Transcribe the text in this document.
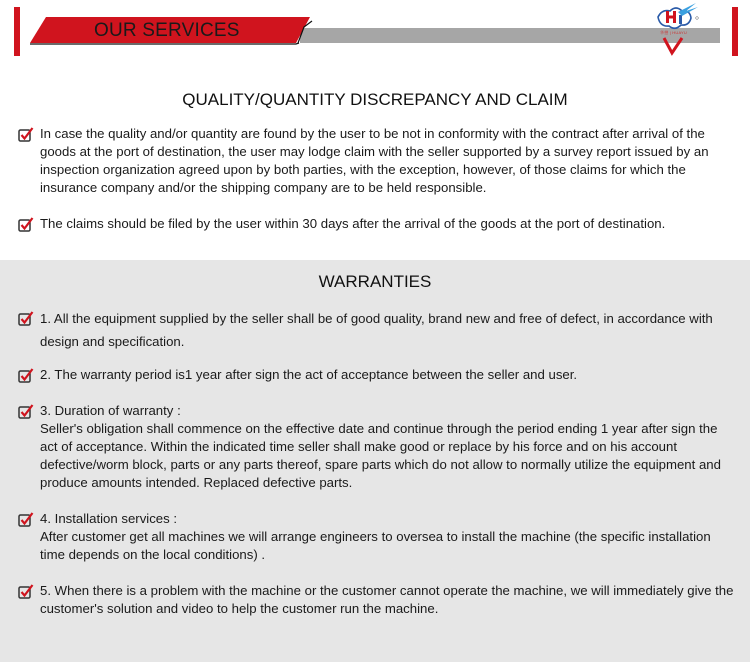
OUR SERVICES	华懋 | HUAYU
QUALITY/QUANTITY DISCREPANCY AND CLAIM
In case the quality and/or quantity are found by the user to be not in conformity with the contract after arrival of the goods at the port of destination, the user may lodge claim with the seller supported by a survey report issued by an inspection organization agreed upon by both parties, with the exception, however, of those claims for which the insurance company and/or the shipping company are to be held responsible.
The claims should be filed by the user within 30 days after the arrival of the goods at the port of destination.
WARRANTIES
1. All the equipment supplied by the seller shall be of good quality, brand new and free of defect, in accordance with design and specification.
2. The warranty period is1 year after sign the act of acceptance between the seller and user.
3. Duration of warranty :
Seller's obligation shall commence on the effective date and continue through the period ending 1 year after sign the act of acceptance. Within the indicated time seller shall make good or replace by his force and on his account defective/worm block, parts or any parts thereof, spare parts which do not allow to normally utilize the equipment and produce amounts intended. Replaced defective parts.
4. Installation services :
After customer get all machines we will arrange engineers to oversea to install the machine (the specific installation time depends on the local conditions) .
5. When there is a problem with the machine or the customer cannot operate the machine, we will immediately give the customer's solution and video to help the customer run the machine.
